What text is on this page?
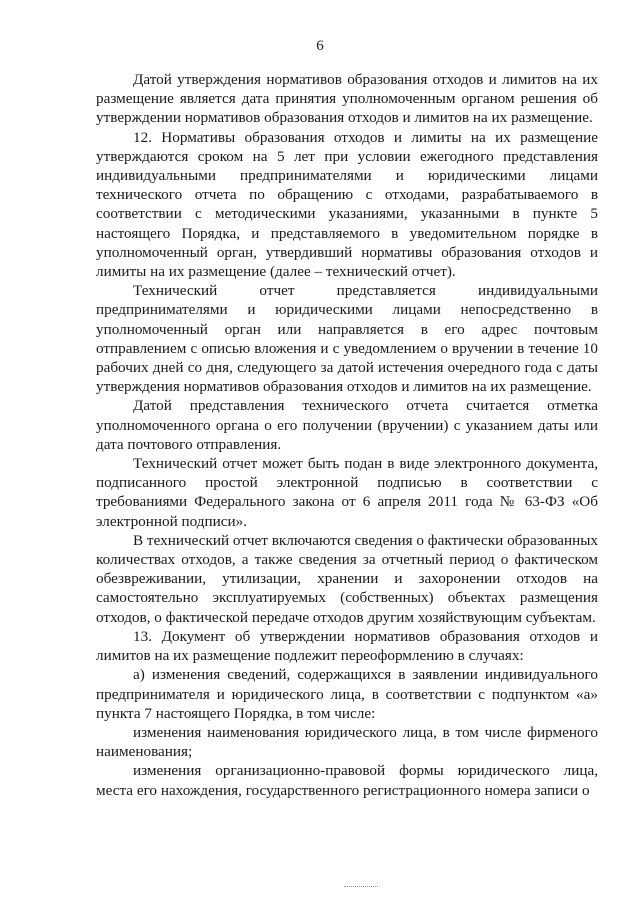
6

Датой утверждения нормативов образования отходов и лимитов на их размещение является дата принятия уполномоченным органом решения об утверждении нормативов образования отходов и лимитов на их размещение.

12. Нормативы образования отходов и лимиты на их размещение утверждаются сроком на 5 лет при условии ежегодного представления индивидуальными предпринимателями и юридическими лицами технического отчета по обращению с отходами, разрабатываемого в соответствии с методическими указаниями, указанными в пункте 5 настоящего Порядка, и представляемого в уведомительном порядке в уполномоченный орган, утвердивший нормативы образования отходов и лимиты на их размещение (далее – технический отчет).

Технический отчет представляется индивидуальными предпринимателями и юридическими лицами непосредственно в уполномоченный орган или направляется в его адрес почтовым отправлением с описью вложения и с уведомлением о вручении в течение 10 рабочих дней со дня, следующего за датой истечения очередного года с даты утверждения нормативов образования отходов и лимитов на их размещение.

Датой представления технического отчета считается отметка уполномоченного органа о его получении (вручении) с указанием даты или дата почтового отправления.

Технический отчет может быть подан в виде электронного документа, подписанного простой электронной подписью в соответствии с требованиями Федерального закона от 6 апреля 2011 года № 63-ФЗ «Об электронной подписи».

В технический отчет включаются сведения о фактически образованных количествах отходов, а также сведения за отчетный период о фактическом обезвреживании, утилизации, хранении и захоронении отходов на самостоятельно эксплуатируемых (собственных) объектах размещения отходов, о фактической передаче отходов другим хозяйствующим субъектам.

13. Документ об утверждении нормативов образования отходов и лимитов на их размещение подлежит переоформлению в случаях:

а) изменения сведений, содержащихся в заявлении индивидуального предпринимателя и юридического лица, в соответствии с подпунктом «а» пункта 7 настоящего Порядка, в том числе:

изменения наименования юридического лица, в том числе фирменого наименования;

изменения организационно-правовой формы юридического лица, места его нахождения, государственного регистрационного номера записи о
